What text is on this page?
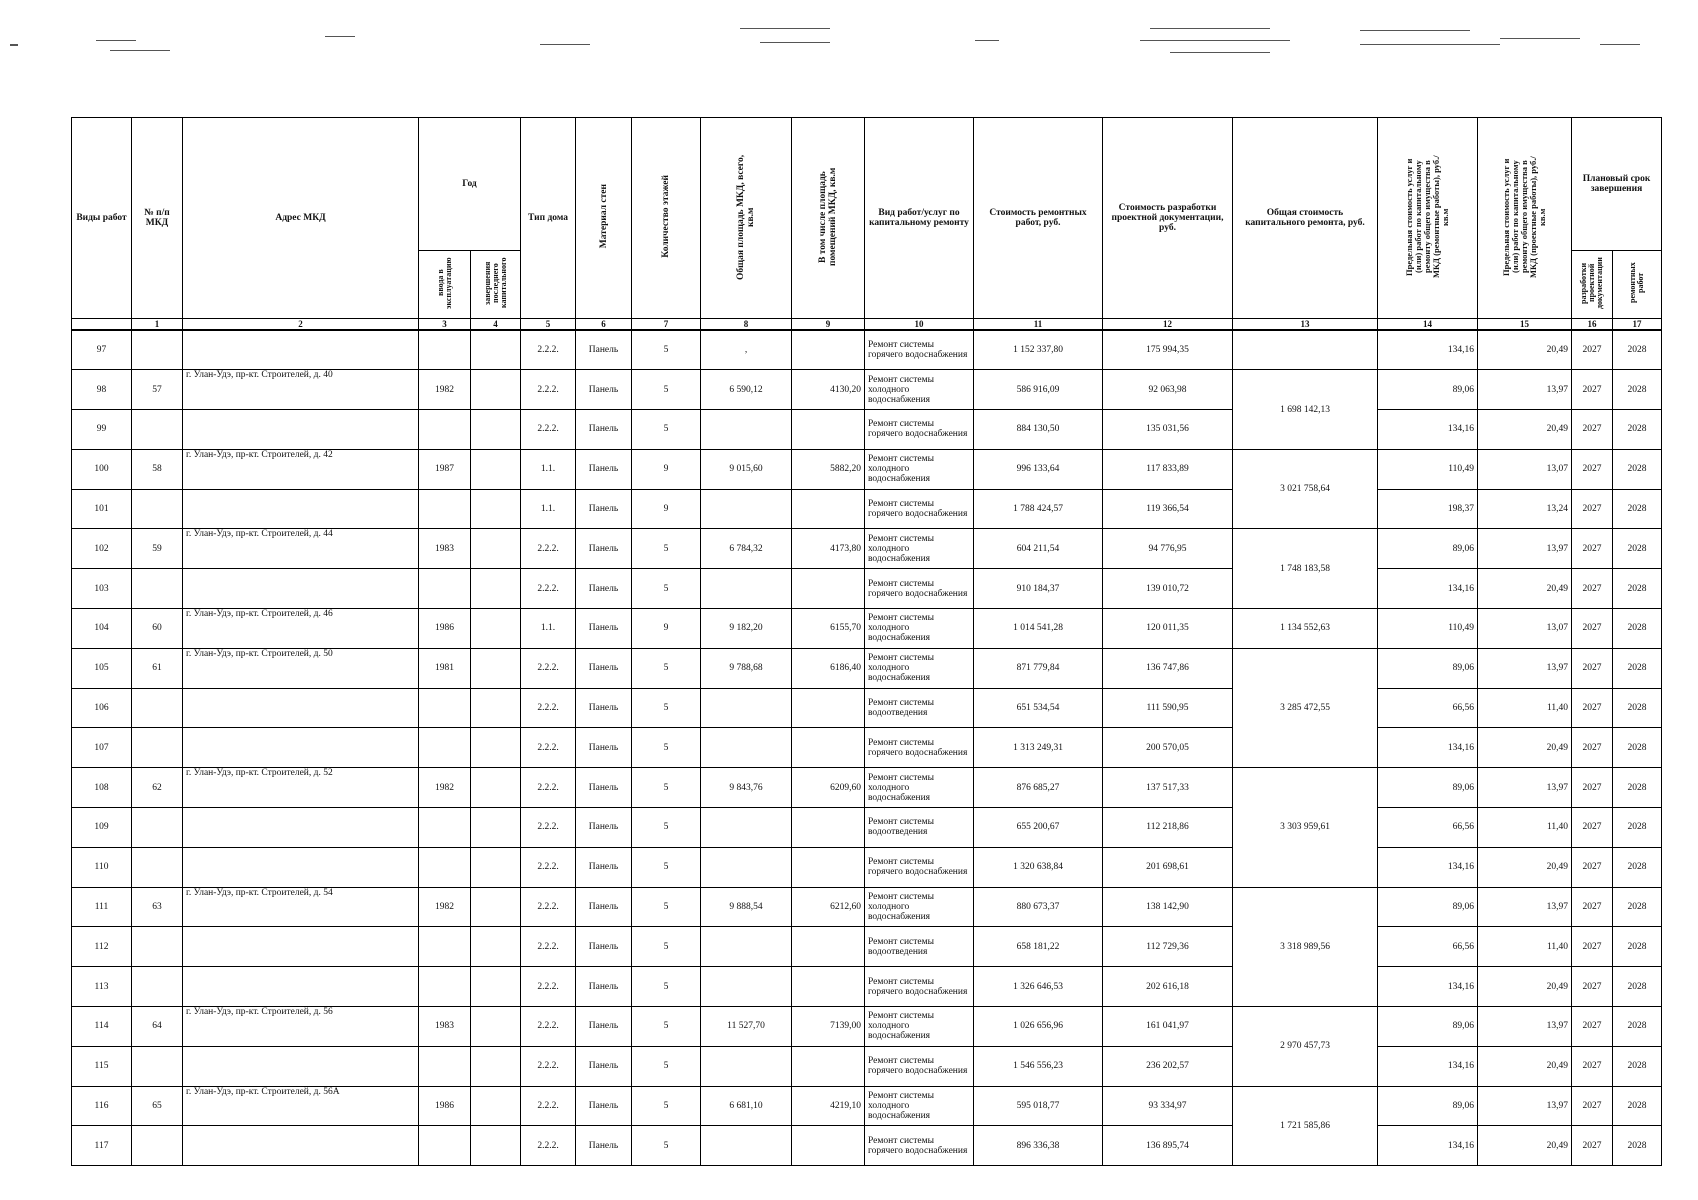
Виды работ	№ п/п МКД	Адрес МКД	Год		Тип дома	Материал стен	Количество этажей	Общая площадь МКД, всего, кв.м	В том числе площадь помещений МКД, кв.м	Вид работ/услуг по капитальному ремонту	Стоимость ремонтных работ, руб.	Стоимость разработки проектной документации, руб.	Общая стоимость капитального ремонта, руб.	Предельная стоимость услуг и (или) работ по капитальному ремонту общего имущества в МКД (ремонтные работы), руб./кв.м	Предельная стоимость услуг и (или) работ по капитальному ремонту общего имущества в МКД (проектные работы), руб./кв.м	Плановый срок завершения	
			ввода в эксплуатацию	завершения последнего капитального												разработки проектной документации	ремонтных работ
	1	2	3	4	5	6	7	8	9	10	11	12	13	14	15	16	17
97					2.2.2.	Панель	5	,		Ремонт системы горячего водоснабжения	1 152 337,80	175 994,35		134,16	20,49	2027	2028
98	57	г. Улан-Удэ, пр-кт. Строителей, д. 40	1982		2.2.2.	Панель	5	6 590,12	4130,20	Ремонт системы холодного водоснабжения	586 916,09	92 063,98	1 698 142,13	89,06	13,97	2027	2028
99					2.2.2.	Панель	5			Ремонт системы горячего водоснабжения	884 130,50	135 031,56		134,16	20,49	2027	2028
100	58	г. Улан-Удэ, пр-кт. Строителей, д. 42	1987		1.1.	Панель	9	9 015,60	5882,20	Ремонт системы холодного водоснабжения	996 133,64	117 833,89	3 021 758,64	110,49	13,07	2027	2028
101					1.1.	Панель	9			Ремонт системы горячего водоснабжения	1 788 424,57	119 366,54		198,37	13,24	2027	2028
102	59	г. Улан-Удэ, пр-кт. Строителей, д. 44	1983		2.2.2.	Панель	5	6 784,32	4173,80	Ремонт системы холодного водоснабжения	604 211,54	94 776,95	1 748 183,58	89,06	13,97	2027	2028
103					2.2.2.	Панель	5			Ремонт системы горячего водоснабжения	910 184,37	139 010,72		134,16	20,49	2027	2028
104	60	г. Улан-Удэ, пр-кт. Строителей, д. 46	1986		1.1.	Панель	9	9 182,20	6155,70	Ремонт системы холодного водоснабжения	1 014 541,28	120 011,35	1 134 552,63	110,49	13,07	2027	2028
105	61	г. Улан-Удэ, пр-кт. Строителей, д. 50	1981		2.2.2.	Панель	5	9 788,68	6186,40	Ремонт системы холодного водоснабжения	871 779,84	136 747,86	3 285 472,55	89,06	13,97	2027	2028
106					2.2.2.	Панель	5			Ремонт системы водоотведения	651 534,54	111 590,95		66,56	11,40	2027	2028
107					2.2.2.	Панель	5			Ремонт системы горячего водоснабжения	1 313 249,31	200 570,05		134,16	20,49	2027	2028
108	62	г. Улан-Удэ, пр-кт. Строителей, д. 52	1982		2.2.2.	Панель	5	9 843,76	6209,60	Ремонт системы холодного водоснабжения	876 685,27	137 517,33	3 303 959,61	89,06	13,97	2027	2028
109					2.2.2.	Панель	5			Ремонт системы водоотведения	655 200,67	112 218,86		66,56	11,40	2027	2028
110					2.2.2.	Панель	5			Ремонт системы горячего водоснабжения	1 320 638,84	201 698,61		134,16	20,49	2027	2028
111	63	г. Улан-Удэ, пр-кт. Строителей, д. 54	1982		2.2.2.	Панель	5	9 888,54	6212,60	Ремонт системы холодного водоснабжения	880 673,37	138 142,90	3 318 989,56	89,06	13,97	2027	2028
112					2.2.2.	Панель	5			Ремонт системы водоотведения	658 181,22	112 729,36		66,56	11,40	2027	2028
113					2.2.2.	Панель	5			Ремонт системы горячего водоснабжения	1 326 646,53	202 616,18		134,16	20,49	2027	2028
114	64	г. Улан-Удэ, пр-кт. Строителей, д. 56	1983		2.2.2.	Панель	5	11 527,70	7139,00	Ремонт системы холодного водоснабжения	1 026 656,96	161 041,97	2 970 457,73	89,06	13,97	2027	2028
115					2.2.2.	Панель	5			Ремонт системы горячего водоснабжения	1 546 556,23	236 202,57		134,16	20,49	2027	2028
116	65	г. Улан-Удэ, пр-кт. Строителей, д. 56А	1986		2.2.2.	Панель	5	6 681,10	4219,10	Ремонт системы холодного водоснабжения	595 018,77	93 334,97	1 721 585,86	89,06	13,97	2027	2028
117					2.2.2.	Панель	5			Ремонт системы горячего водоснабжения	896 336,38	136 895,74		134,16	20,49	2027	2028
